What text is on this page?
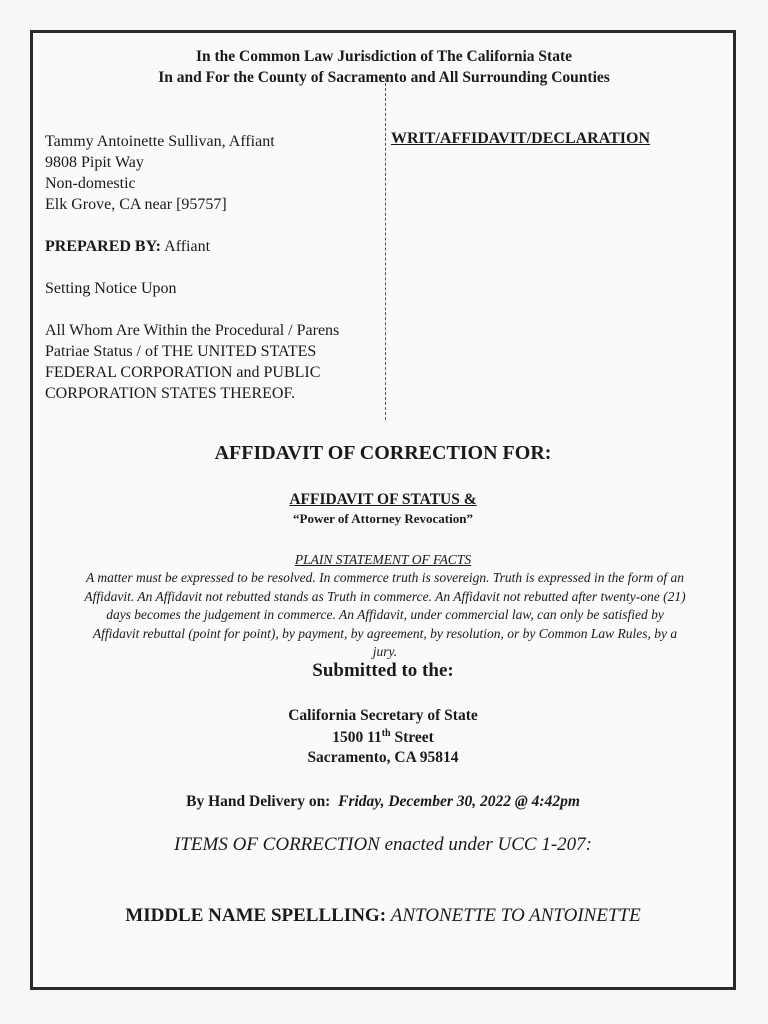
In the Common Law Jurisdiction of The California State
In and For the County of Sacramento and All Surrounding Counties
Tammy Antoinette Sullivan, Affiant
9808 Pipit Way
Non-domestic
Elk Grove, CA near [95757]
PREPARED BY: Affiant
Setting Notice Upon
All Whom Are Within the Procedural / Parens
Patriae Status / of THE UNITED STATES
FEDERAL CORPORATION and PUBLIC
CORPORATION STATES THEREOF.
WRIT/AFFIDAVIT/DECLARATION
AFFIDAVIT OF CORRECTION FOR:
AFFIDAVIT OF STATUS &
“Power of Attorney Revocation”
PLAIN STATEMENT OF FACTS
A matter must be expressed to be resolved. In commerce truth is sovereign. Truth is expressed in the form of an
Affidavit. An Affidavit not rebutted stands as Truth in commerce. An Affidavit not rebutted after twenty-one (21)
days becomes the judgement in commerce. An Affidavit, under commercial law, can only be satisfied by
Affidavit rebuttal (point for point), by payment, by agreement, by resolution, or by Common Law Rules, by a
jury.
Submitted to the:
California Secretary of State
1500 11th Street
Sacramento, CA 95814
By Hand Delivery on: Friday, December 30, 2022 @ 4:42pm
ITEMS OF CORRECTION enacted under UCC 1-207:
MIDDLE NAME SPELLLING: ANTONETTE TO ANTOINETTE
